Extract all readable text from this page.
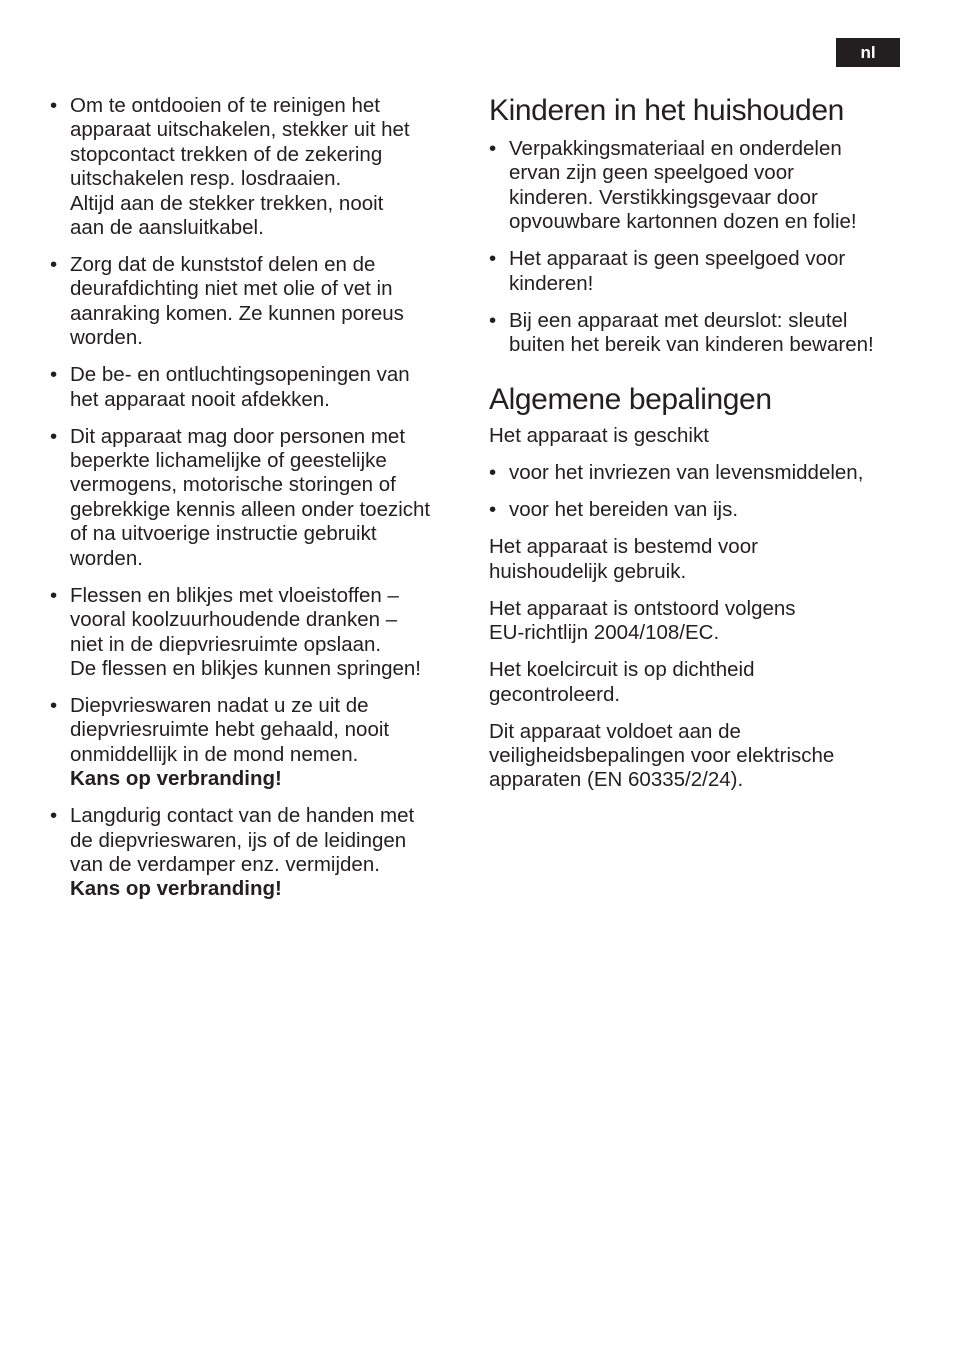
nl
• Om te ontdooien of te reinigen het
apparaat uitschakelen, stekker uit het
stopcontact trekken of de zekering
uitschakelen resp. losdraaien.
Altijd aan de stekker trekken, nooit
aan de aansluitkabel.
• Zorg dat de kunststof delen en de
deurafdichting niet met olie of vet in
aanraking komen. Ze kunnen poreus
worden.
• De be- en ontluchtingsopeningen van
het apparaat nooit afdekken.
• Dit apparaat mag door personen met
beperkte lichamelijke of geestelijke
vermogens, motorische storingen of
gebrekkige kennis alleen onder toezicht
of na uitvoerige instructie gebruikt
worden.
• Flessen en blikjes met vloeistoffen –
vooral koolzuurhoudende dranken –
niet in de diepvriesruimte opslaan.
De flessen en blikjes kunnen springen!
• Diepvrieswaren nadat u ze uit de
diepvriesruimte hebt gehaald, nooit
onmiddellijk in de mond nemen.
Kans op verbranding!
• Langdurig contact van de handen met
de diepvrieswaren, ijs of de leidingen
van de verdamper enz. vermijden.
Kans op verbranding!
Kinderen in het huishouden
• Verpakkingsmateriaal en onderdelen
ervan zijn geen speelgoed voor
kinderen. Verstikkingsgevaar door
opvouwbare kartonnen dozen en folie!
• Het apparaat is geen speelgoed voor
kinderen!
• Bij een apparaat met deurslot: sleutel
buiten het bereik van kinderen bewaren!
Algemene bepalingen

Het apparaat is geschikt

• voor het invriezen van levensmiddelen,
• voor het bereiden van ijs.

Het apparaat is bestemd voor
huishoudelijk gebruik.

Het apparaat is ontstoord volgens
EU-richtlijn 2004/108/EC.

Het koelcircuit is op dichtheid
gecontroleerd.

Dit apparaat voldoet aan de
veiligheidsbepalingen voor elektrische
apparaten (EN 60335/2/24).
